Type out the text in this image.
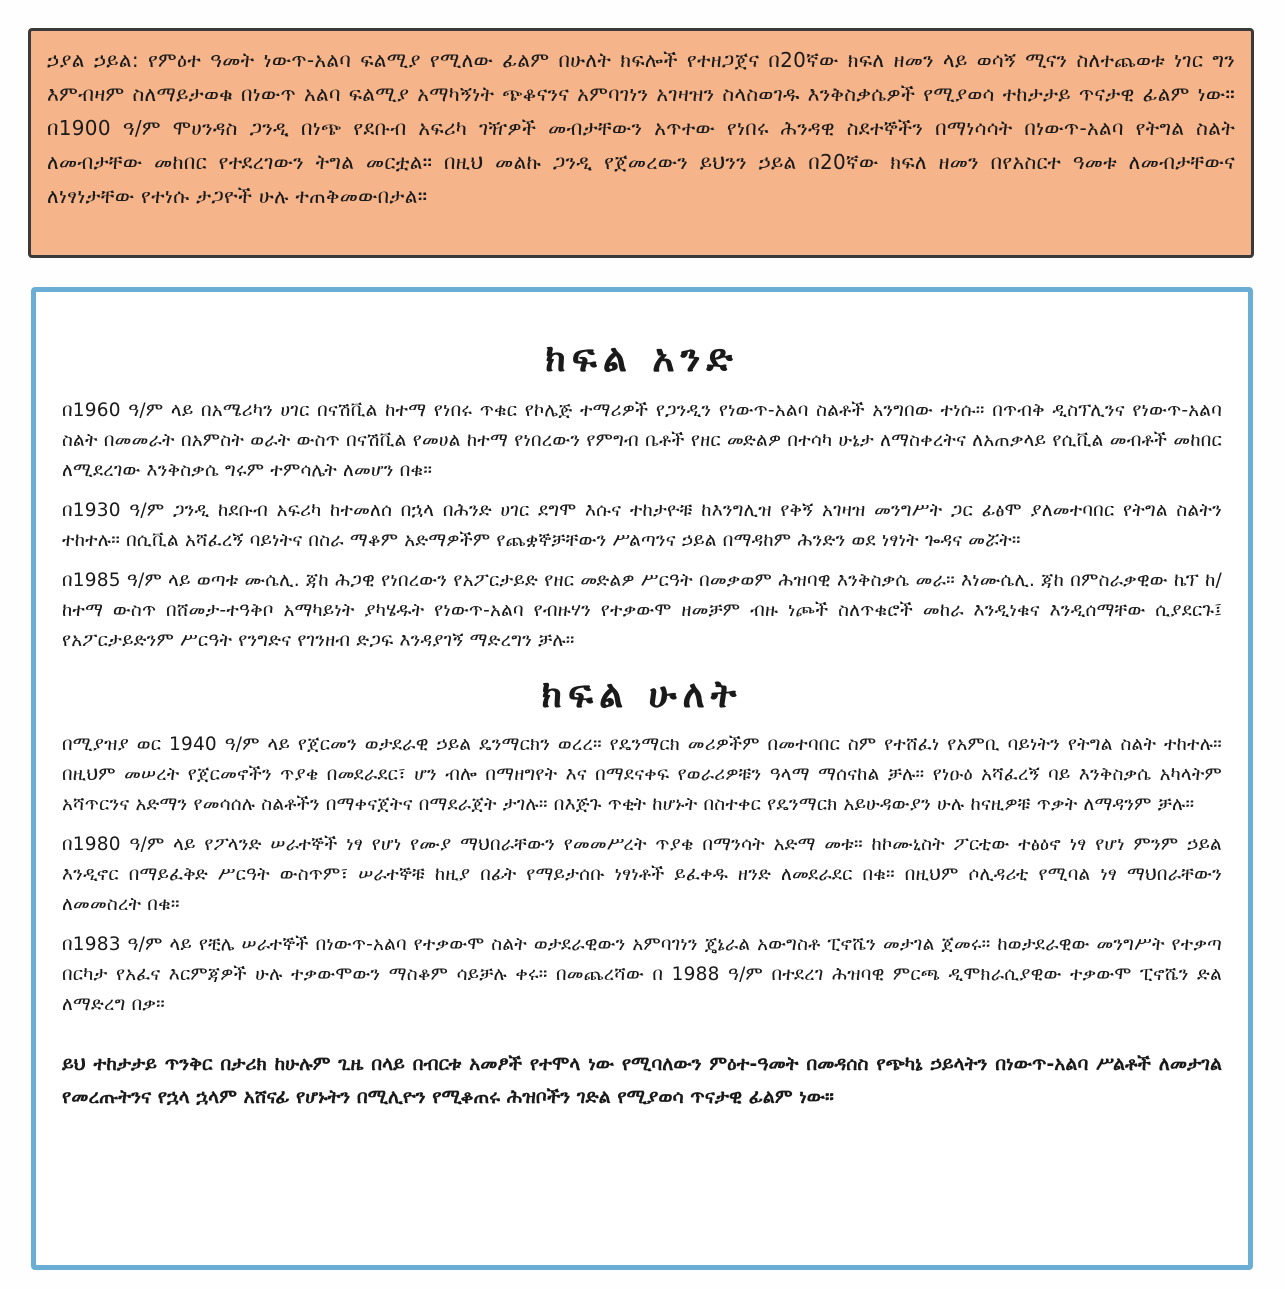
ኃያል ኃይል: የምዕተ ዓመት ነውጥ-አልባ ፍልሚያ የሚለው ፊልም በሁለት ክፍሎች የተዘጋጀና በ20ኛው ክፍለ ዘመን ላይ ወሳኝ ሚናን ስለተጨወቱ ነገር ግን እምብዛም ስለማይታወቁ በነውጥ አልባ ፍልሚያ አማካኝነት ጭቆናንና አምባገነን አገዛዝን ስላስወገዱ እንቅስቃሴዎች የሚያወሳ ተከታታይ ጥናታዊ ፊልም ነው። በ1900 ዓ/ም ሞሀንዳስ ጋንዲ በነጭ የደቡብ አፍሪካ ገዥዎች መብታቸውን አጥተው የነበሩ ሕንዳዊ ስደተኞችን በማነሳሳት በነውጥ-አልባ የትግል ስልት ለመብታቸው መከበር የተደረገውን ትግል መርቷል። በዚህ መልኩ ጋንዲ የጀመረውን ይህንን ኃይል በ20ኛው ክፍለ ዘመን በየአስርተ ዓመቱ ለመብታቸውና ለነፃነታቸው የተነሱ ታጋዮች ሁሉ ተጠቅመውበታል።

ክፍል አንድ

በ1960 ዓ/ም ላይ በአሜሪካን ሀገር በናሽቪል ከተማ የነበሩ ጥቁር የኮሌጅ ተማሪዎች የጋንዲን የነውጥ-አልባ ስልቶች አንግበው ተነሱ። በጥብቅ ዲስፕሊንና የነውጥ-አልባ ስልት በመመራት በአምስት ወራት ውስጥ በናሽቪል የመሀል ከተማ የነበረውን የምግብ ቤቶች የዘር መድልዎ በተሳካ ሁኔታ ለማስቀረትና ለአጠቃላይ የሲቪል መብቶች መከበር ለሚደረገው እንቅስቃሴ ግሩም ተምሳሌት ለመሆን በቁ።

በ1930 ዓ/ም ጋንዲ ከደቡብ አፍሪካ ከተመለሰ በኋላ በሕንድ ሀገር ደግሞ እሱና ተከታዮቹ ከእንግሊዝ የቅኝ አገዛዝ መንግሥት ጋር ፊፅሞ ያለመተባበር የትግል ስልትን ተከተሉ። በሲቪል አሻፈረኝ ባይነትና በስራ ማቆም አድማዎችም የጨቋኞቻቸውን ሥልጣንና ኃይል በማዳከም ሕንድን ወደ ነፃነት ጐዳና መሯት።

በ1985 ዓ/ም ላይ ወጣቱ ሙሴሊ. ጃከ ሕጋዊ የነበረውን የአፖርታይድ የዘር መድልዎ ሥርዓት በመቃወም ሕዝባዊ እንቅስቃሴ መራ። እነሙሴሊ. ጃከ በምስራቃዊው ኬፕ ከ/ከተማ ውስጥ በሸመታ-ተዓቅቦ አማካይነት ያካሄዱት የነውጥ-አልባ የብዙሃን የተቃውሞ ዘመቻም ብዙ ነጮች ስለጥቁሮች መከራ እንዲነቁና እንዲሰማቸው ሲያደርጉ፤ የአፖርታይድንም ሥርዓት የንግድና የገንዘብ ድጋፍ እንዳያገኝ ማድረግን ቻሉ።

ክፍል ሁለት

በሚያዝያ ወር 1940 ዓ/ም ላይ የጀርመን ወታደራዊ ኃይል ዴንማርክን ወረረ። የዴንማርክ መሪዎችም በመተባበር ስም የተሸፈነ የአምቢ ባይነትን የትግል ስልት ተከተሉ። በዚህም መሠረት የጀርመኖችን ጥያቄ በመደራደር፣ ሆን ብሎ በማዘግየት እና በማደናቀፍ የወራሪዎቹን ዓላማ ማሰናከል ቻሉ። የነዑዕ አሻፈረኝ ባይ እንቅስቃሴ አካላትም አሻጥርንና አድማን የመሳሰሉ ስልቶችን በማቀናጀትና በማደራጀት ታገሉ። በእጅጉ ጥቂት ከሆኑት በስተቀር የዴንማርክ አይሁዳውያን ሁሉ ከናዚዎቹ ጥቃት ለማዳንም ቻሉ።

በ1980 ዓ/ም ላይ የፖላንድ ሠራተኞች ነፃ የሆነ የሙያ ማህበራቸውን የመመሥረት ጥያቄ በማንሳት አድማ መቱ። ከኮሙኒስት ፖርቲው ተፅዕኖ ነፃ የሆነ ምንም ኃይል እንዲኖር በማይፈቅድ ሥርዓት ውስጥም፣ ሠራተኞቹ ከዚያ በፊት የማይታሰቡ ነፃነቶች ይፈቀዱ ዘንድ ለመደራደር በቁ። በዚህም ሶሊዳሪቲ የሚባል ነፃ ማህበራቸውን ለመመስረት በቁ።

በ1983 ዓ/ም ላይ የቺሌ ሠራተኞች በነውጥ-አልባ የተቃውሞ ስልት ወታደራዊውን አምባገነን ጄኔራል አውግስቶ ፒኖሼን መታገል ጀመሩ። ከወታደራዊው መንግሥት የተቃጣ በርካታ የአፈና እርምጃዎች ሁሉ ተቃውሞውን ማስቆም ሳይቻሉ ቀሩ። በመጨረሻው በ 1988 ዓ/ም በተደረገ ሕዝባዊ ምርጫ ዲሞክራሲያዊው ተቃውሞ ፒኖሼን ድል ለማድረግ በቃ።

ይህ ተከታታይ ጥንቅር በታሪክ ከሁሉም ጊዜ በላይ በብርቱ አመፆች የተሞላ ነው የሚባለውን ምዕተ-ዓመት በመዳሰስ የጭካኔ ኃይላትን በነውጥ-አልባ ሥልቶች ለመታገል የመረጡትንና የኋላ ኋላም አሸናፊ የሆኑትን በሚሊዮን የሚቆጠሩ ሕዝቦችን ገድል የሚያወሳ ጥናታዊ ፊልም ነው።
